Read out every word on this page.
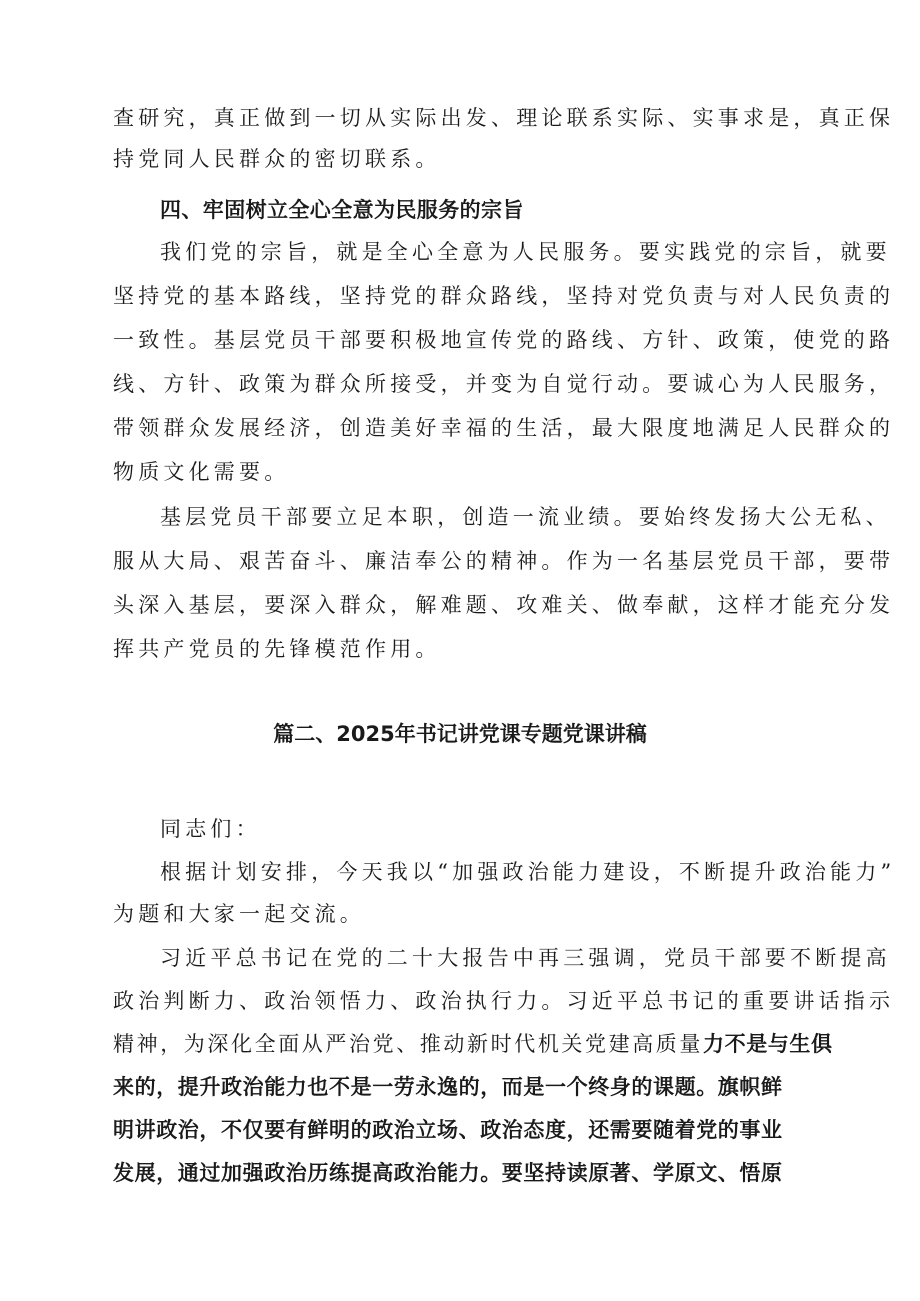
查研究，真正做到一切从实际出发、理论联系实际、实事求是，真正保
持党同人民群众的密切联系。
四、牢固树立全心全意为民服务的宗旨
我们党的宗旨，就是全心全意为人民服务。要实践党的宗旨，就要
坚持党的基本路线，坚持党的群众路线，坚持对党负责与对人民负责的
一致性。基层党员干部要积极地宣传党的路线、方针、政策，使党的路
线、方针、政策为群众所接受，并变为自觉行动。要诚心为人民服务，
带领群众发展经济，创造美好幸福的生活，最大限度地满足人民群众的
物质文化需要。
基层党员干部要立足本职，创造一流业绩。要始终发扬大公无私、
服从大局、艰苦奋斗、廉洁奉公的精神。作为一名基层党员干部，要带
头深入基层，要深入群众，解难题、攻难关、做奉献，这样才能充分发
挥共产党员的先锋模范作用。
篇二、2025年书记讲党课专题党课讲稿
同志们：
根据计划安排，今天我以“加强政治能力建设，不断提升政治能力”
为题和大家一起交流。
习近平总书记在党的二十大报告中再三强调，党员干部要不断提高
政治判断力、政治领悟力、政治执行力。习近平总书记的重要讲话指示
精神，为深化全面从严治党、推动新时代机关党建高质量力不是与生俱
来的，提升政治能力也不是一劳永逸的，而是一个终身的课题。旗帜鲜
明讲政治，不仅要有鲜明的政治立场、政治态度，还需要随着党的事业
发展，通过加强政治历练提高政治能力。要坚持读原著、学原文、悟原
